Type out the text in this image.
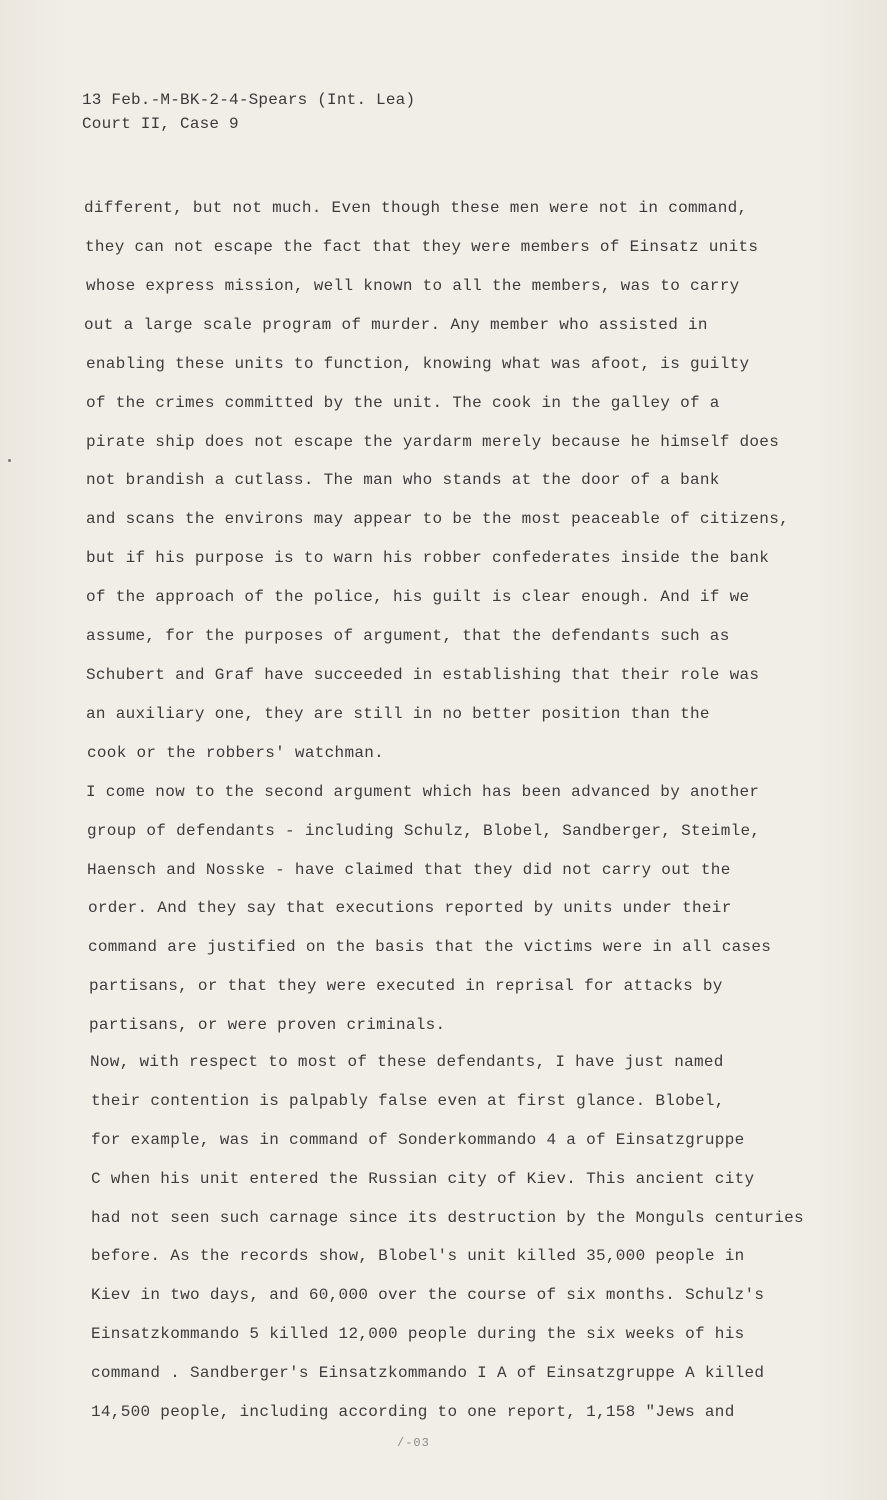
13 Feb.-M-BK-2-4-Spears (Int. Lea)
Court II, Case 9
different, but not much. Even though these men were not in command,
they can not escape the fact that they were members of Einsatz units
whose express mission, well known to all the members, was to carry
out a large scale program of murder. Any member who assisted in
enabling these units to function, knowing what was afoot, is guilty
of the crimes committed by the unit. The cook in the galley of a
pirate ship does not escape the yardarm merely because he himself does
not brandish a cutlass. The man who stands at the door of a bank
and scans the environs may appear to be the most peaceable of citizens,
but if his purpose is to warn his robber confederates inside the bank
of the approach of the police, his guilt is clear enough. And if we
assume, for the purposes of argument, that the defendants such as
Schubert and Graf have succeeded in establishing that their role was
an auxiliary one, they are still in no better position than the
cook or the robbers' watchman.
I come now to the second argument which has been advanced by another
group of defendants - including Schulz, Blobel, Sandberger, Steimle,
Haensch and Nosske - have claimed that they did not carry out the
order. And they say that executions reported by units under their
command are justified on the basis that the victims were in all cases
partisans, or that they were executed in reprisal for attacks by
partisans, or were proven criminals.
Now, with respect to most of these defendants, I have just named
their contention is palpably false even at first glance. Blobel,
for example, was in command of Sonderkommando 4 a of Einsatzgruppe
C when his unit entered the Russian city of Kiev. This ancient city
had not seen such carnage since its destruction by the Monguls centuries
before. As the records show, Blobel's unit killed 35,000 people in
Kiev in two days, and 60,000 over the course of six months. Schulz's
Einsatzkommando 5 killed 12,000 people during the six weeks of his
command . Sandberger's Einsatzkommando I A of Einsatzgruppe A killed
14,500 people, including according to one report, 1,158 "Jews and
/-03
